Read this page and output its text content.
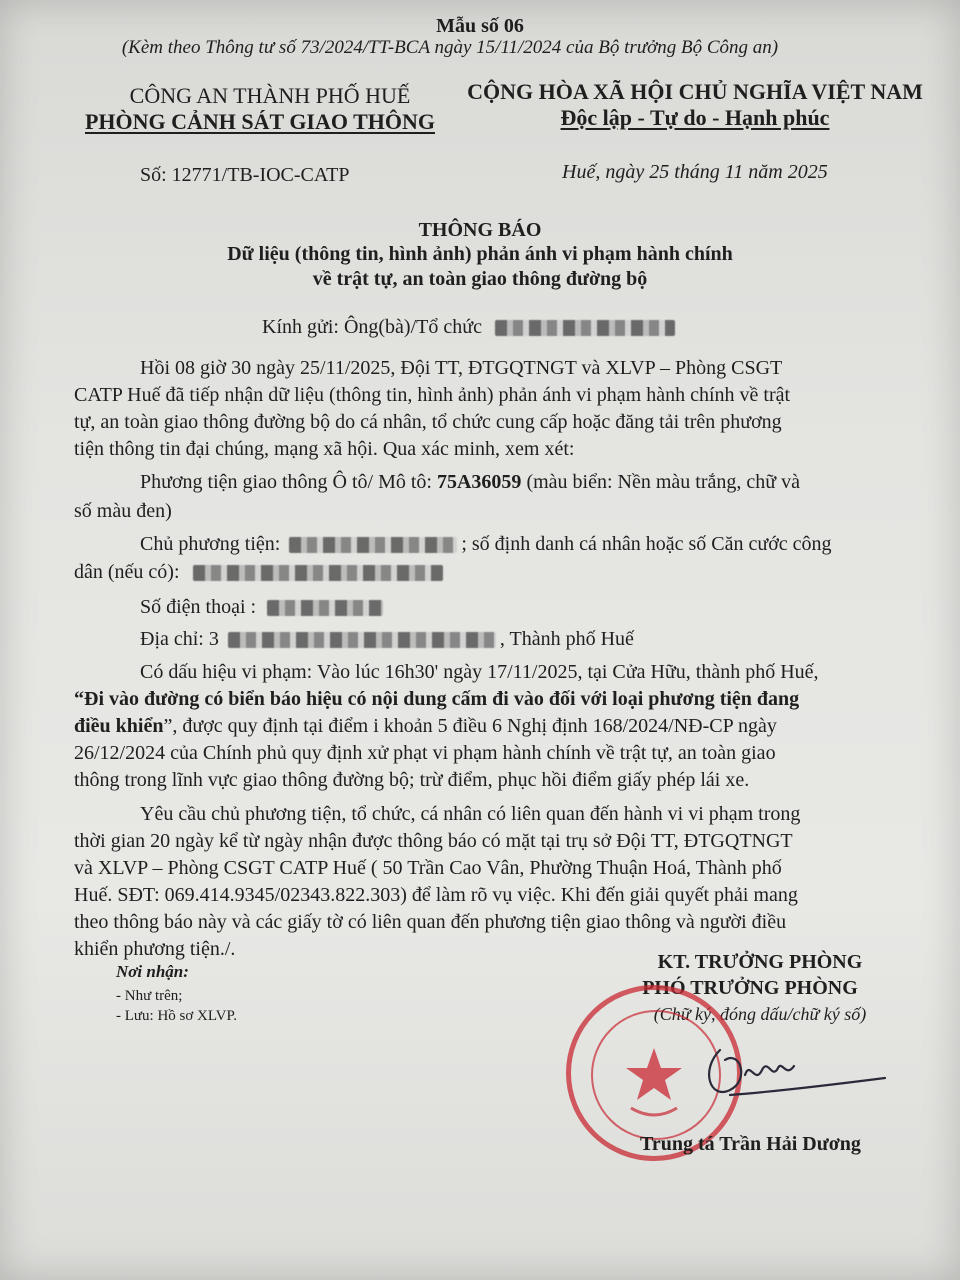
Mẫu số 06
(Kèm theo Thông tư số 73/2024/TT-BCA ngày 15/11/2024 của Bộ trưởng Bộ Công an)
CÔNG AN THÀNH PHỐ HUẾ
PHÒNG CẢNH SÁT GIAO THÔNG
CỘNG HÒA XÃ HỘI CHỦ NGHĨA VIỆT NAM
Độc lập - Tự do - Hạnh phúc
Số: 12771/TB-IOC-CATP	Huế, ngày 25 tháng 11 năm 2025
THÔNG BÁO
Dữ liệu (thông tin, hình ảnh) phản ánh vi phạm hành chính
về trật tự, an toàn giao thông đường bộ
Kính gửi: Ông(bà)/Tổ chức
Hồi 08 giờ 30 ngày 25/11/2025, Đội TT, ĐTGQTNGT và XLVP – Phòng CSGT
CATP Huế đã tiếp nhận dữ liệu (thông tin, hình ảnh) phản ánh vi phạm hành chính về trật
tự, an toàn giao thông đường bộ do cá nhân, tổ chức cung cấp hoặc đăng tải trên phương
tiện thông tin đại chúng, mạng xã hội. Qua xác minh, xem xét:
Phương tiện giao thông Ô tô/ Mô tô: 75A36059 (màu biển: Nền màu trắng, chữ và
số màu đen)
Chủ phương tiện:	; số định danh cá nhân hoặc số Căn cước công
dân (nếu có):
Số điện thoại :
Địa chỉ: 3	, Thành phố Huế
Có dấu hiệu vi phạm: Vào lúc 16h30' ngày 17/11/2025, tại Cửa Hữu, thành phố Huế,
“Đi vào đường có biển báo hiệu có nội dung cấm đi vào đối với loại phương tiện đang
điều khiển”, được quy định tại điểm i khoản 5 điều 6 Nghị định 168/2024/NĐ-CP ngày
26/12/2024 của Chính phủ quy định xử phạt vi phạm hành chính về trật tự, an toàn giao
thông trong lĩnh vực giao thông đường bộ; trừ điểm, phục hồi điểm giấy phép lái xe.
Yêu cầu chủ phương tiện, tổ chức, cá nhân có liên quan đến hành vi vi phạm trong
thời gian 20 ngày kể từ ngày nhận được thông báo có mặt tại trụ sở Đội TT, ĐTGQTNGT
và XLVP – Phòng CSGT CATP Huế ( 50 Trần Cao Vân, Phường Thuận Hoá, Thành phố
Huế. SĐT: 069.414.9345/02343.822.303) để làm rõ vụ việc. Khi đến giải quyết phải mang
theo thông báo này và các giấy tờ có liên quan đến phương tiện giao thông và người điều
khiển phương tiện./.
Nơi nhận:
- Như trên;
- Lưu: Hồ sơ XLVP.
KT. TRƯỞNG PHÒNG
PHÓ TRƯỞNG PHÒNG
(Chữ ký, đóng dấu/chữ ký số)
Trung tá Trần Hải Dương
